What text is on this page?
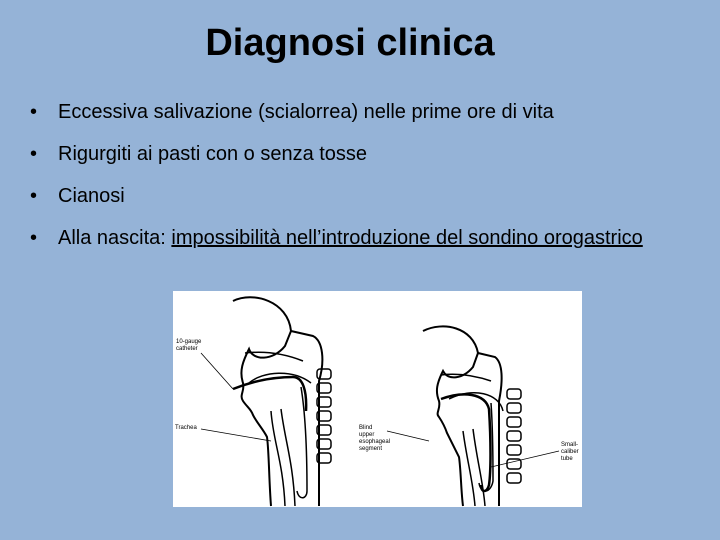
Diagnosi clinica
• Eccessiva salivazione (scialorrea) nelle prime ore di vita
• Rigurgiti ai pasti con o senza tosse
• Cianosi
• Alla nascita: impossibilità nell’introduzione del sondino orogastrico
10-gauge
catheter
Trachea	Blind
upper
esophageal
segment
Small-
caliber
tube
